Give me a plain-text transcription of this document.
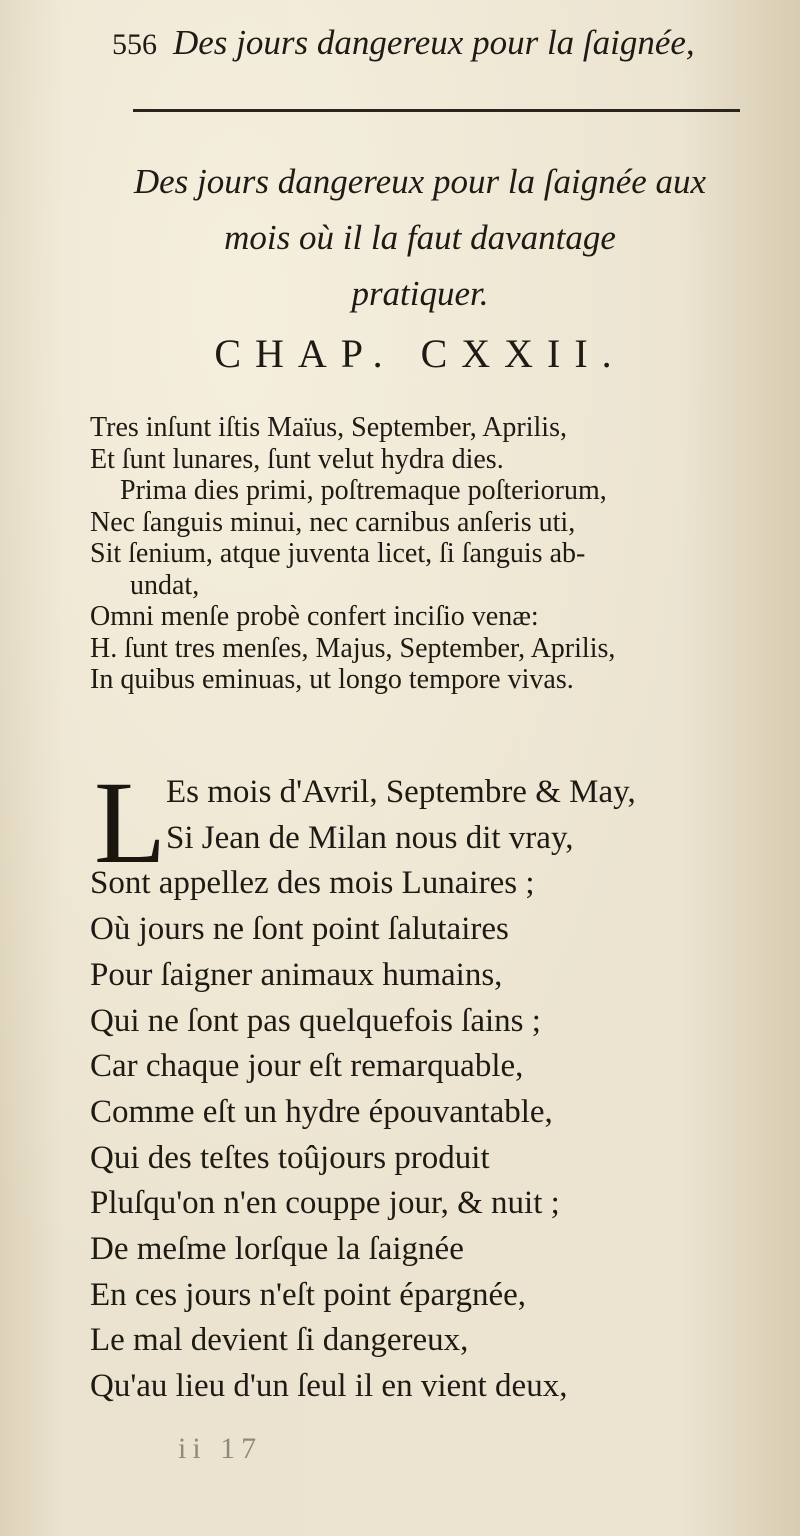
556 Des jours dangereux pour la ſaignée,
Des jours dangereux pour la ſaignée aux
mois où il la faut davantage
pratiquer.
CHAP. CXXII.
Tres inſunt iſtis Maïus, September, Aprilis,
Et ſunt lunares, ſunt velut hydra dies.
Prima dies primi, poſtremaque poſteriorum,
Nec ſanguis minui, nec carnibus anſeris uti,
Sit ſenium, atque juventa licet, ſi ſanguis ab-
undat,
Omni menſe probè confert inciſio venæ:
H. ſunt tres menſes, Majus, September, Aprilis,
In quibus eminuas, ut longo tempore vivas.
L Es mois d'Avril, Septembre & May,
Si Jean de Milan nous dit vray,
Sont appellez des mois Lunaires ;
Où jours ne ſont point ſalutaires
Pour ſaigner animaux humains,
Qui ne ſont pas quelquefois ſains ;
Car chaque jour eſt remarquable,
Comme eſt un hydre épouvantable,
Qui des teſtes toûjours produit
Pluſqu'on n'en couppe jour, & nuit ;
De meſme lorſque la ſaignée
En ces jours n'eſt point épargnée,
Le mal devient ſi dangereux,
Qu'au lieu d'un ſeul il en vient deux,
ii 17
